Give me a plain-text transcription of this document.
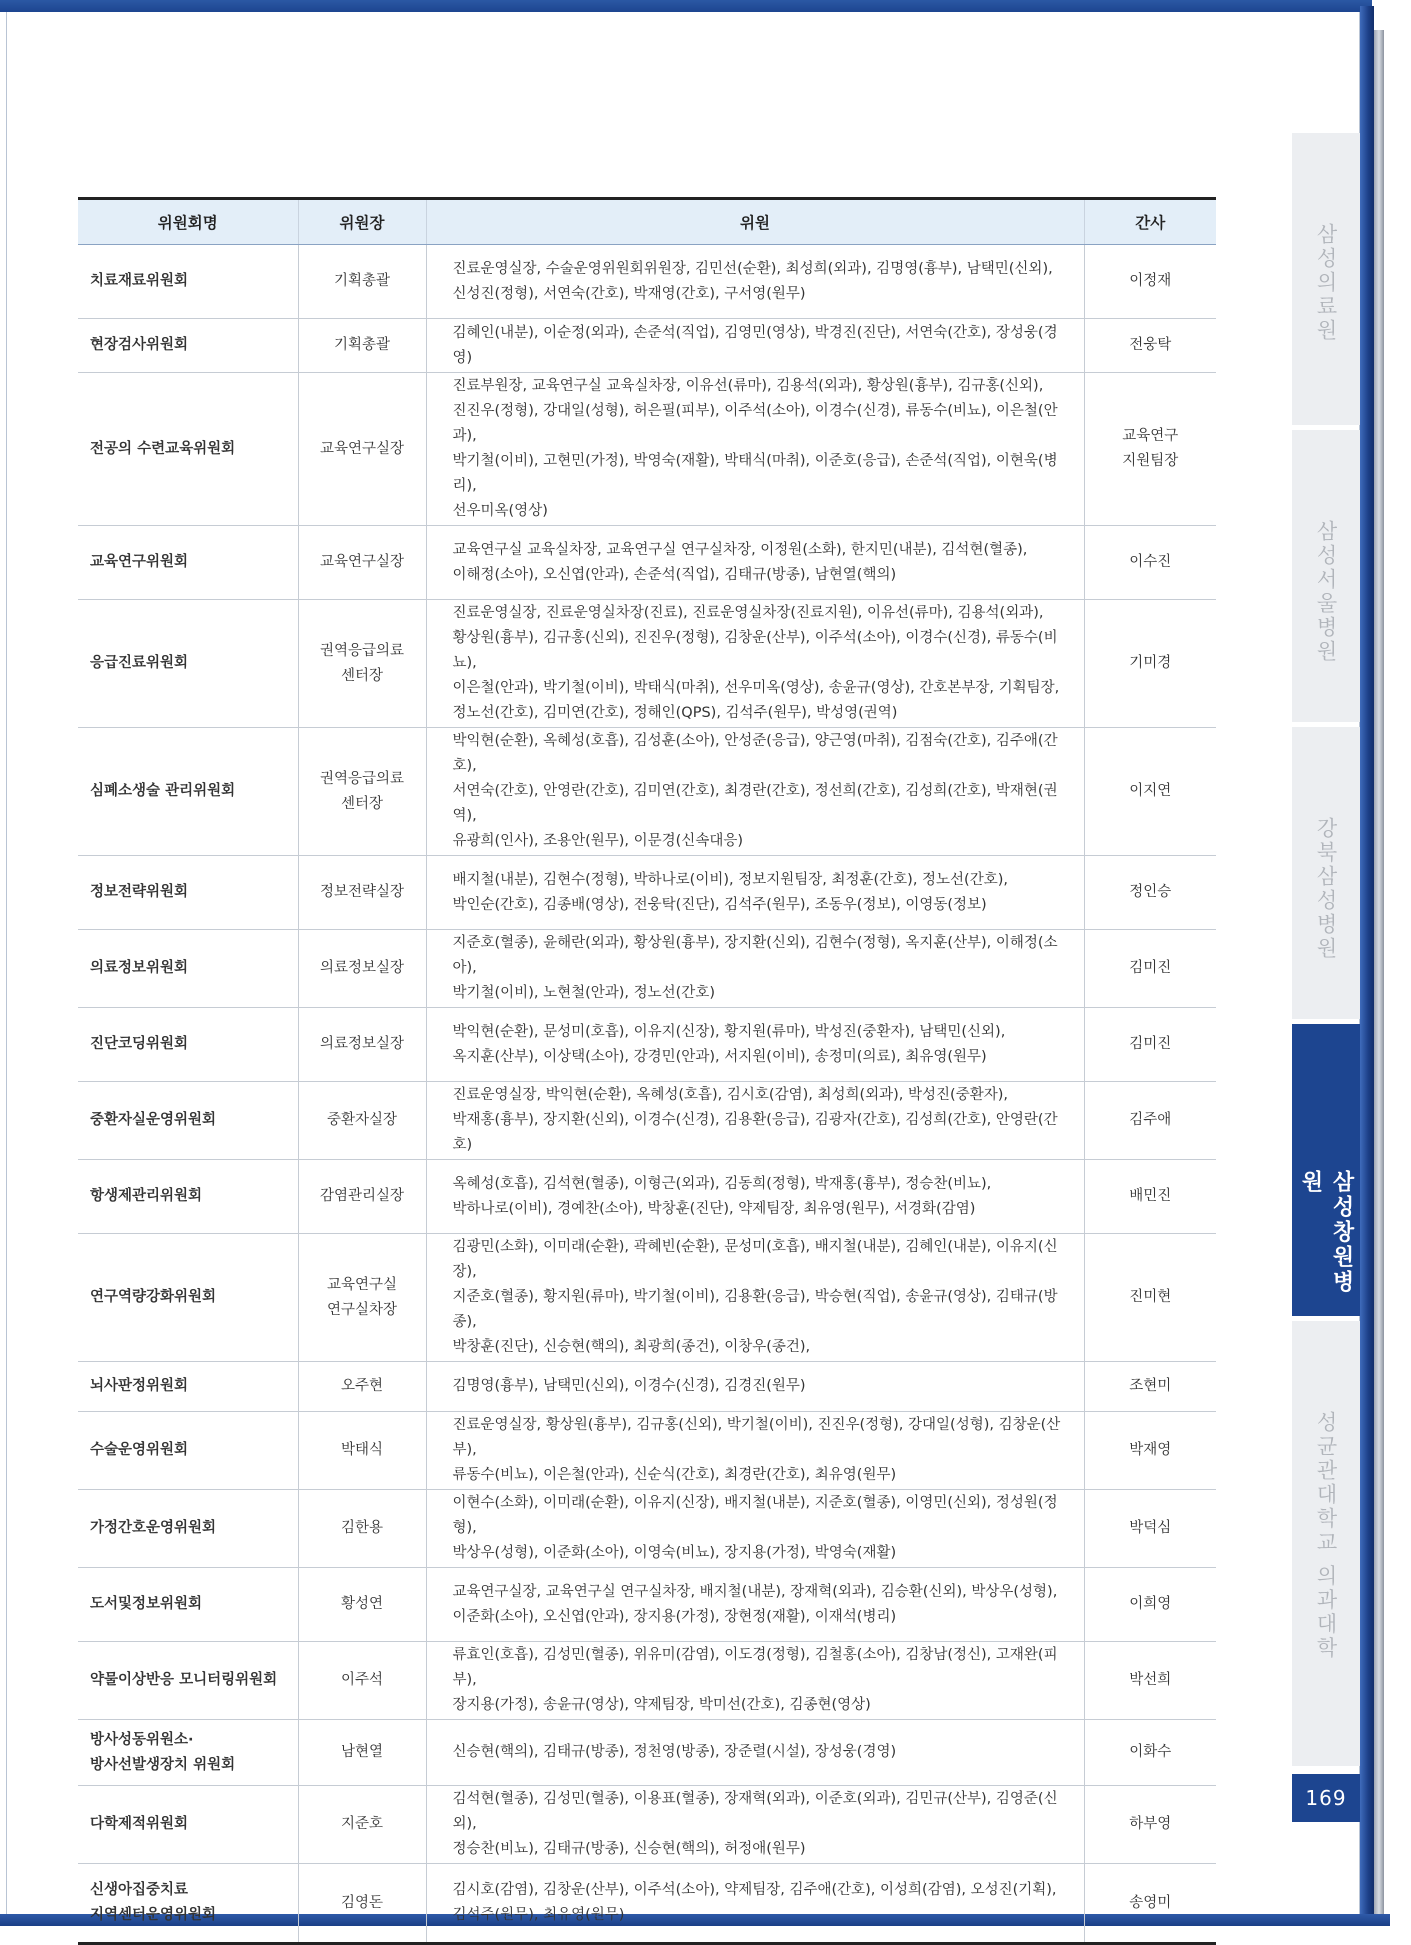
삼성의료원
삼성서울병원
강북삼성병원
삼성창원병원
성균관대학교 의과대학
169
위원회명	위원장	위원	간사

치료재료위원회	기획총괄	진료운영실장, 수술운영위원회위원장, 김민선(순환), 최성희(외과), 김명영(흉부), 남택민(신외),
신성진(정형), 서연숙(간호), 박재영(간호), 구서영(원무)	이정재

현장검사위원회	기획총괄	김혜인(내분), 이순정(외과), 손준석(직업), 김영민(영상), 박경진(진단), 서연숙(간호), 장성웅(경영)	전웅탁

전공의 수련교육위원회	교육연구실장	진료부원장, 교육연구실 교육실차장, 이유선(류마), 김용석(외과), 황상원(흉부), 김규홍(신외),
진진우(정형), 강대일(성형), 허은필(피부), 이주석(소아), 이경수(신경), 류동수(비뇨), 이은철(안과),
박기철(이비), 고현민(가정), 박영숙(재활), 박태식(마취), 이준호(응급), 손준석(직업), 이현욱(병리),
선우미옥(영상)	교육연구
지원팀장

교육연구위원회	교육연구실장	교육연구실 교육실차장, 교육연구실 연구실차장, 이정원(소화), 한지민(내분), 김석현(혈종),
이해정(소아), 오신엽(안과), 손준석(직업), 김태규(방종), 남현열(핵의)	이수진

응급진료위원회	권역응급의료
센터장	진료운영실장, 진료운영실차장(진료), 진료운영실차장(진료지원), 이유선(류마), 김용석(외과),
황상원(흉부), 김규홍(신외), 진진우(정형), 김창운(산부), 이주석(소아), 이경수(신경), 류동수(비뇨),
이은철(안과), 박기철(이비), 박태식(마취), 선우미옥(영상), 송윤규(영상), 간호본부장, 기획팀장,
정노선(간호), 김미연(간호), 정해인(QPS), 김석주(원무), 박성영(권역)	기미경

심폐소생술 관리위원회	권역응급의료
센터장	박익현(순환), 옥혜성(호흡), 김성훈(소아), 안성준(응급), 양근영(마취), 김점숙(간호), 김주애(간호),
서연숙(간호), 안영란(간호), 김미연(간호), 최경란(간호), 정선희(간호), 김성희(간호), 박재현(권역),
유광희(인사), 조용안(원무), 이문경(신속대응)	이지연

정보전략위원회	정보전략실장	배지철(내분), 김현수(정형), 박하나로(이비), 정보지원팀장, 최정훈(간호), 정노선(간호),
박인순(간호), 김종배(영상), 전웅탁(진단), 김석주(원무), 조동우(정보), 이영동(정보)	정인승

의료정보위원회	의료정보실장	지준호(혈종), 윤해란(외과), 황상원(흉부), 장지환(신외), 김현수(정형), 옥지훈(산부), 이해정(소아),
박기철(이비), 노현철(안과), 정노선(간호)	김미진

진단코딩위원회	의료정보실장	박익현(순환), 문성미(호흡), 이유지(신장), 황지원(류마), 박성진(중환자), 남택민(신외),
옥지훈(산부), 이상택(소아), 강경민(안과), 서지원(이비), 송정미(의료), 최유영(원무)	김미진

중환자실운영위원회	중환자실장	진료운영실장, 박익현(순환), 옥혜성(호흡), 김시호(감염), 최성희(외과), 박성진(중환자),
박재홍(흉부), 장지환(신외), 이경수(신경), 김용환(응급), 김광자(간호), 김성희(간호), 안영란(간호)	김주애

항생제관리위원회	감염관리실장	옥혜성(호흡), 김석현(혈종), 이형근(외과), 김동희(정형), 박재홍(흉부), 정승찬(비뇨),
박하나로(이비), 경예찬(소아), 박창훈(진단), 약제팀장, 최유영(원무), 서경화(감염)	배민진

연구역량강화위원회	교육연구실
연구실차장	김광민(소화), 이미래(순환), 곽혜빈(순환), 문성미(호흡), 배지철(내분), 김혜인(내분), 이유지(신장),
지준호(혈종), 황지원(류마), 박기철(이비), 김용환(응급), 박승현(직업), 송윤규(영상), 김태규(방종),
박창훈(진단), 신승현(핵의), 최광희(종건), 이창우(종건),	진미현

뇌사판정위원회	오주현	김명영(흉부), 남택민(신외), 이경수(신경), 김경진(원무)	조현미

수술운영위원회	박태식	진료운영실장, 황상원(흉부), 김규홍(신외), 박기철(이비), 진진우(정형), 강대일(성형), 김창운(산부),
류동수(비뇨), 이은철(안과), 신순식(간호), 최경란(간호), 최유영(원무)	박재영

가정간호운영위원회	김한용	이현수(소화), 이미래(순환), 이유지(신장), 배지철(내분), 지준호(혈종), 이영민(신외), 정성원(정형),
박상우(성형), 이준화(소아), 이영숙(비뇨), 장지용(가정), 박영숙(재활)	박덕심

도서및정보위원회	황성연	교육연구실장, 교육연구실 연구실차장, 배지철(내분), 장재혁(외과), 김승환(신외), 박상우(성형),
이준화(소아), 오신엽(안과), 장지용(가정), 장현정(재활), 이재석(병리)	이희영

약물이상반응 모니터링위원회	이주석	류효인(호흡), 김성민(혈종), 위유미(감염), 이도경(정형), 김철홍(소아), 김창남(정신), 고재완(피부),
장지용(가정), 송윤규(영상), 약제팀장, 박미선(간호), 김종현(영상)	박선희

방사성동위원소·
방사선발생장치 위원회	남현열	신승현(핵의), 김태규(방종), 정천영(방종), 장준렬(시설), 장성웅(경영)	이화수

다학제적위원회	지준호	김석현(혈종), 김성민(혈종), 이용표(혈종), 장재혁(외과), 이준호(외과), 김민규(산부), 김영준(신외),
정승찬(비뇨), 김태규(방종), 신승현(핵의), 허정애(원무)	하부영

신생아집중치료
지역센터운영위원회	김영돈	김시호(감염), 김창운(산부), 이주석(소아), 약제팀장, 김주애(간호), 이성희(감염), 오성진(기획),
김석주(원무), 최유영(원무)	송영미
